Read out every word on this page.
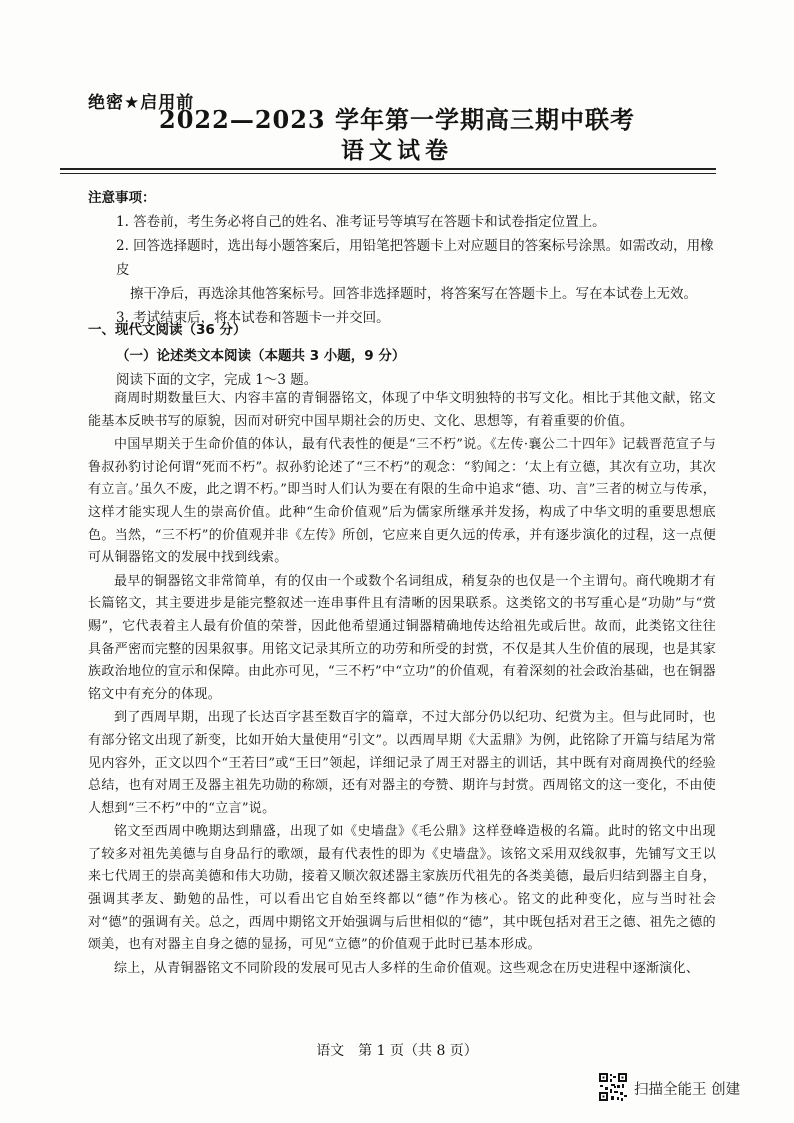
绝密★启用前
2022—2023 学年第一学期高三期中联考
语文试卷
注意事项：
1. 答卷前，考生务必将自己的姓名、准考证号等填写在答题卡和试卷指定位置上。
2. 回答选择题时，选出每小题答案后，用铅笔把答题卡上对应题目的答案标号涂黑。如需改动，用橡皮
擦干净后，再选涂其他答案标号。回答非选择题时，将答案写在答题卡上。写在本试卷上无效。
3. 考试结束后，将本试卷和答题卡一并交回。
一、现代文阅读（36 分）
（一）论述类文本阅读（本题共 3 小题，9 分）
阅读下面的文字，完成 1～3 题。

商周时期数量巨大、内容丰富的青铜器铭文，体现了中华文明独特的书写文化。相比于其他文献，铭文能基本反映书写的原貌，因而对研究中国早期社会的历史、文化、思想等，有着重要的价值。

中国早期关于生命价值的体认，最有代表性的便是“三不朽”说。《左传·襄公二十四年》记载晋范宣子与鲁叔孙豹讨论何谓“死而不朽”。叔孙豹论述了“三不朽”的观念：“豹闻之：‘太上有立德，其次有立功，其次有立言。’虽久不废，此之谓不朽。”即当时人们认为要在有限的生命中追求“德、功、言”三者的树立与传承，这样才能实现人生的崇高价值。此种“生命价值观”后为儒家所继承并发扬，构成了中华文明的重要思想底色。当然，“三不朽”的价值观并非《左传》所创，它应来自更久远的传承，并有逐步演化的过程，这一点便可从铜器铭文的发展中找到线索。

最早的铜器铭文非常简单，有的仅由一个或数个名词组成，稍复杂的也仅是一个主谓句。商代晚期才有长篇铭文，其主要进步是能完整叙述一连串事件且有清晰的因果联系。这类铭文的书写重心是“功勋”与“赏赐”，它代表着主人最有价值的荣誉，因此他希望通过铜器精确地传达给祖先或后世。故而，此类铭文往往具备严密而完整的因果叙事。用铭文记录其所立的功劳和所受的封赏，不仅是其人生价值的展现，也是其家族政治地位的宣示和保障。由此亦可见，“三不朽”中“立功”的价值观，有着深刻的社会政治基础，也在铜器铭文中有充分的体现。

到了西周早期，出现了长达百字甚至数百字的篇章，不过大部分仍以纪功、纪赏为主。但与此同时，也有部分铭文出现了新变，比如开始大量使用“引文”。以西周早期《大盂鼎》为例，此铭除了开篇与结尾为常见内容外，正文以四个“王若曰”或“王曰”领起，详细记录了周王对器主的训话，其中既有对商周换代的经验总结，也有对周王及器主祖先功勋的称颂，还有对器主的夸赞、期许与封赏。西周铭文的这一变化，不由使人想到“三不朽”中的“立言”说。

铭文至西周中晚期达到鼎盛，出现了如《史墙盘》《毛公鼎》这样登峰造极的名篇。此时的铭文中出现了较多对祖先美德与自身品行的歌颂，最有代表性的即为《史墙盘》。该铭文采用双线叙事，先铺写文王以来七代周王的崇高美德和伟大功勋，接着又顺次叙述器主家族历代祖先的各类美德，最后归结到器主自身，强调其孝友、勤勉的品性，可以看出它自始至终都以“德”作为核心。铭文的此种变化，应与当时社会对“德”的强调有关。总之，西周中期铭文开始强调与后世相似的“德”，其中既包括对君王之德、祖先之德的颂美，也有对器主自身之德的显扬，可见“立德”的价值观于此时已基本形成。

综上，从青铜器铭文不同阶段的发展可见古人多样的生命价值观。这些观念在历史进程中逐渐演化、

语文　第 1 页（共 8 页）
扫描全能王 创建
